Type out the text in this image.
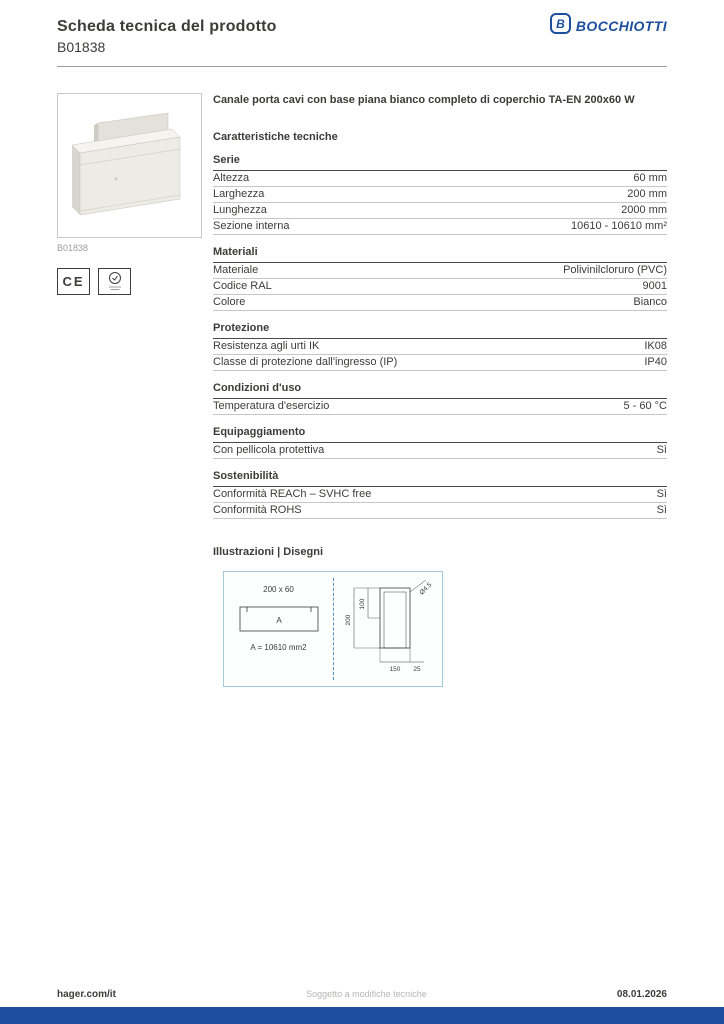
Scheda tecnica del prodotto
B01838
B BOCCHIOTTI
B01838
CE
Canale porta cavi con base piana bianco completo di coperchio TA-EN 200x60 W
Caratteristiche tecniche
Serie
Altezza	60 mm
Larghezza	200 mm
Lunghezza	2000 mm
Sezione interna	10610 - 10610 mm²
Materiali
Materiale	Polivinilcloruro (PVC)
Codice RAL	9001
Colore	Bianco
Protezione
Resistenza agli urti IK	IK08
Classe di protezione dall'ingresso (IP)	IP40
Condizioni d'uso
Temperatura d'esercizio	5 - 60 °C
Equipaggiamento
Con pellicola protettiva	Sì
Sostenibilità
Conformità REACh – SVHC free	Sì
Conformità ROHS	Sì
Illustrazioni | Disegni
200 x 60
A
A = 10610 mm2
200
100
150 25
Ø4.5
hager.com/it	Soggetto a modifiche tecniche	08.01.2026
